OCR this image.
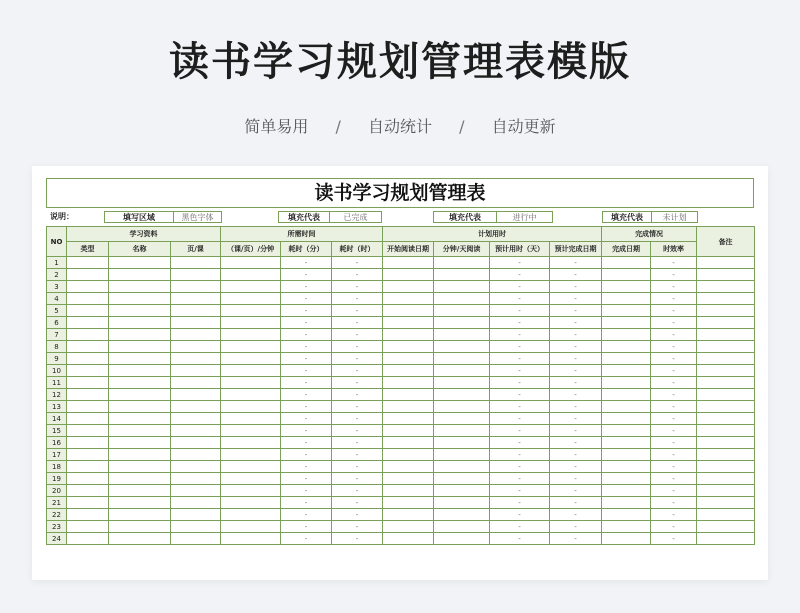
读书学习规划管理表模版
简单易用 / 自动统计 / 自动更新
读书学习规划管理表
说明：	填写区域	黑色字体	填充代表	已完成	填充代表	进行中	填充代表	未计划
NO	学习资料			所需时间			计划用时				完成情况		备注
	类型	名称	页/课	（课/页）/分钟	耗时（分）	耗时（时）	开始阅读日期	分钟/天阅读	预计用时（天）	预计完成日期	完成日期	时效率	
1					-	-			-	-		-	
2					-	-			-	-		-	
3					-	-			-	-		-	
4					-	-			-	-		-	
5					-	-			-	-		-	
6					-	-			-	-		-	
7					-	-			-	-		-	
8					-	-			-	-		-	
9					-	-			-	-		-	
10					-	-			-	-		-	
11					-	-			-	-		-	
12					-	-			-	-		-	
13					-	-			-	-		-	
14					-	-			-	-		-	
15					-	-			-	-		-	
16					-	-			-	-		-	
17					-	-			-	-		-	
18					-	-			-	-		-	
19					-	-			-	-		-	
20					-	-			-	-		-	
21					-	-			-	-		-	
22					-	-			-	-		-	
23					-	-			-	-		-	
24					-	-			-	-		-	
